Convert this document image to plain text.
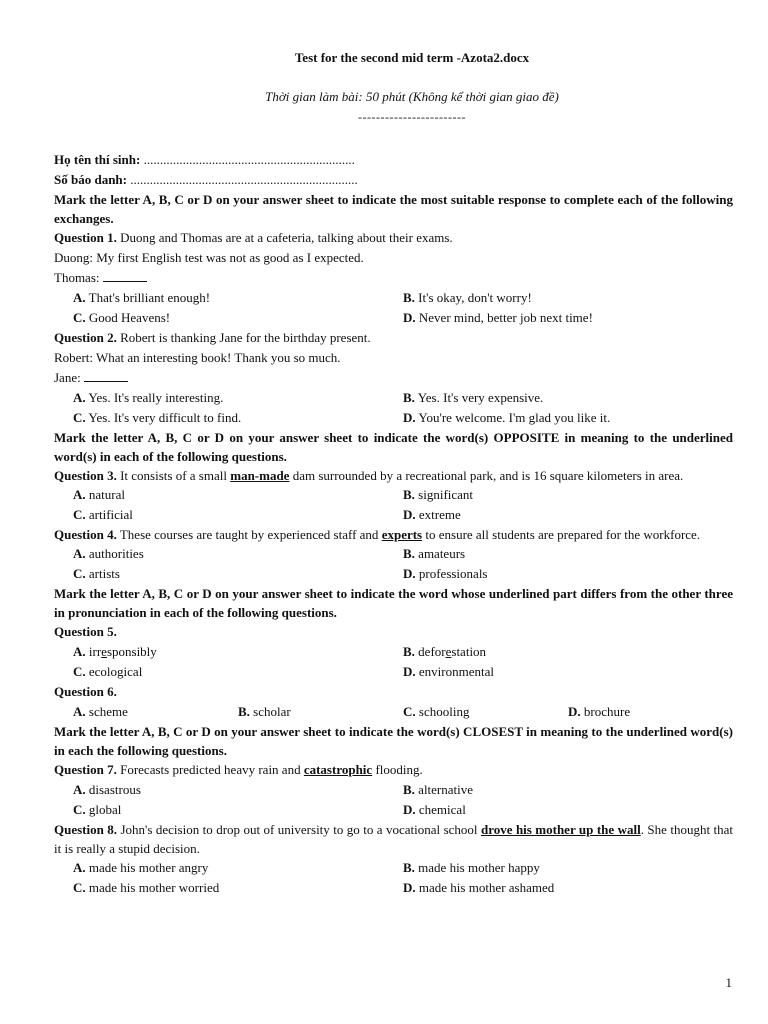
Test for the second mid term -Azota2.docx
Thời gian làm bài: 50 phút (Không kể thời gian giao đề)
------------------------
Họ tên thí sinh: .................................................................
Số báo danh: ......................................................................
Mark the letter A, B, C or D on your answer sheet to indicate the most suitable response to complete each of the following exchanges.
Question 1. Duong and Thomas are at a cafeteria, talking about their exams.
Duong: My first English test was not as good as I expected.
Thomas:
A. That's brilliant enough!	B. It's okay, don't worry!
C. Good Heavens!	D. Never mind, better job next time!
Question 2. Robert is thanking Jane for the birthday present.
Robert: What an interesting book! Thank you so much.
Jane:
A. Yes. It's really interesting.	B. Yes. It's very expensive.
C. Yes. It's very difficult to find.	D. You're welcome. I'm glad you like it.
Mark the letter A, B, C or D on your answer sheet to indicate the word(s) OPPOSITE in meaning to the underlined word(s) in each of the following questions.
Question 3. It consists of a small man-made dam surrounded by a recreational park, and is 16 square kilometers in area.
A. natural	B. significant
C. artificial	D. extreme
Question 4. These courses are taught by experienced staff and experts to ensure all students are prepared for the workforce.
A. authorities	B. amateurs
C. artists	D. professionals
Mark the letter A, B, C or D on your answer sheet to indicate the word whose underlined part differs from the other three in pronunciation in each of the following questions.
Question 5.
A. irresponsibly	B. deforestation
C. ecological	D. environmental
Question 6.
A. scheme	B. scholar	C. schooling	D. brochure
Mark the letter A, B, C or D on your answer sheet to indicate the word(s) CLOSEST in meaning to the underlined word(s) in each the following questions.
Question 7. Forecasts predicted heavy rain and catastrophic flooding.
A. disastrous	B. alternative
C. global	D. chemical
Question 8. John's decision to drop out of university to go to a vocational school drove his mother up the wall. She thought that it is really a stupid decision.
A. made his mother angry	B. made his mother happy
C. made his mother worried	D. made his mother ashamed
1
